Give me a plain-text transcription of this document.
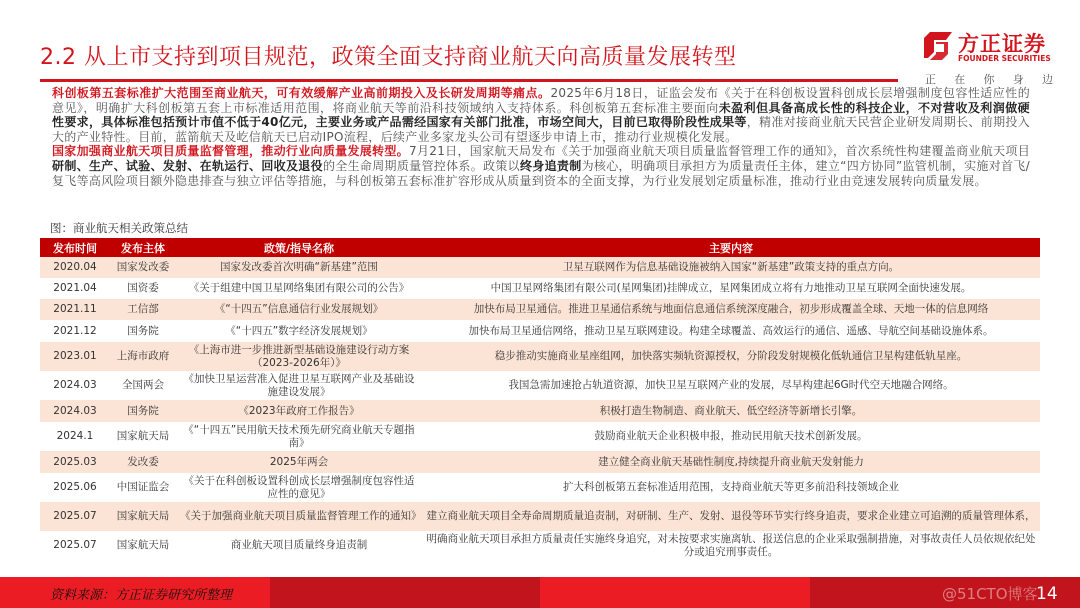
2.2 从上市支持到项目规范，政策全面支持商业航天向高质量发展转型
方正证券
FOUNDER SECURITIES
正 在 你 身 边

科创板第五套标准扩大范围至商业航天，可有效缓解产业高前期投入及长研发周期等痛点。2025年6月18日，证监会发布《关于在科创板设置科创成长层增强制度包容性适应性的意见》，明确扩大科创板第五套上市标准适用范围，将商业航天等前沿科技领域纳入支持体系。科创板第五套标准主要面向未盈利但具备高成长性的科技企业，不对营收及利润做硬性要求，具体标准包括预计市值不低于40亿元，主要业务或产品需经国家有关部门批准，市场空间大，目前已取得阶段性成果等，精准对接商业航天民营企业研发周期长、前期投入大的产业特性。目前，蓝箭航天及屹信航天已启动IPO流程，后续产业多家龙头公司有望逐步申请上市，推动行业规模化发展。

国家加强商业航天项目质量监督管理，推动行业向质量发展转型。7月21日，国家航天局发布《关于加强商业航天项目质量监督管理工作的通知》，首次系统性构建覆盖商业航天项目研制、生产、试验、发射、在轨运行、回收及退役的全生命周期质量管控体系。政策以终身追责制为核心，明确项目承担方为质量责任主体，建立“四方协同”监管机制，实施对首飞/复飞等高风险项目额外隐患排查与独立评估等措施，与科创板第五套标准扩容形成从质量到资本的全面支撑，为行业发展划定质量标准，推动行业由竞速发展转向质量发展。

图：商业航天相关政策总结
发布时间	发布主体	政策/指导名称	主要内容
2020.04	国家发改委	国家发改委首次明确“新基建”范围	卫星互联网作为信息基础设施被纳入国家“新基建”政策支持的重点方向。
2021.04	国资委	《关于组建中国卫星网络集团有限公司的公告》	中国卫星网络集团有限公司(星网集团)挂牌成立，星网集团成立将有力地推动卫星互联网全面快速发展。
2021.11	工信部	《“十四五”信息通信行业发展规划》	加快布局卫星通信。推进卫星通信系统与地面信息通信系统深度融合，初步形成覆盖全球、天地一体的信息网络
2021.12	国务院	《“十四五”数字经济发展规划》	加快布局卫星通信网络，推动卫星互联网建设。构建全球覆盖、高效运行的通信、遥感、导航空间基础设施体系。
2023.01	上海市政府	《上海市进一步推进新型基础设施建设行动方案（2023-2026年）》	稳步推动实施商业星座组网，加快落实频轨资源授权，分阶段发射规模化低轨通信卫星构建低轨星座。
2024.03	全国两会	《加快卫星运营准入促进卫星互联网产业及基础设施建设发展》	我国急需加速抢占轨道资源，加快卫星互联网产业的发展，尽早构建起6G时代空天地融合网络。
2024.03	国务院	《2023年政府工作报告》	积极打造生物制造、商业航天、低空经济等新增长引擎。
2024.1	国家航天局	《“十四五”民用航天技术预先研究商业航天专题指南》	鼓励商业航天企业积极申报，推动民用航天技术创新发展。
2025.03	发改委	2025年两会	建立健全商业航天基础性制度,持续提升商业航天发射能力
2025.06	中国证监会	《关于在科创板设置科创成长层增强制度包容性适应性的意见》	扩大科创板第五套标准适用范围，支持商业航天等更多前沿科技领域企业
2025.07	国家航天局	《关于加强商业航天项目质量监督管理工作的通知》	建立商业航天项目全寿命周期质量追责制，对研制、生产、发射、退役等环节实行终身追责，要求企业建立可追溯的质量管理体系，
2025.07	国家航天局	商业航天项目质量终身追责制	明确商业航天项目承担方质量责任实施终身追究，对未按要求实施离轨、报送信息的企业采取强制措施，对事故责任人员依规依纪处分或追究刑事责任。
资料来源：方正证券研究所整理	@51CTO博客
14
